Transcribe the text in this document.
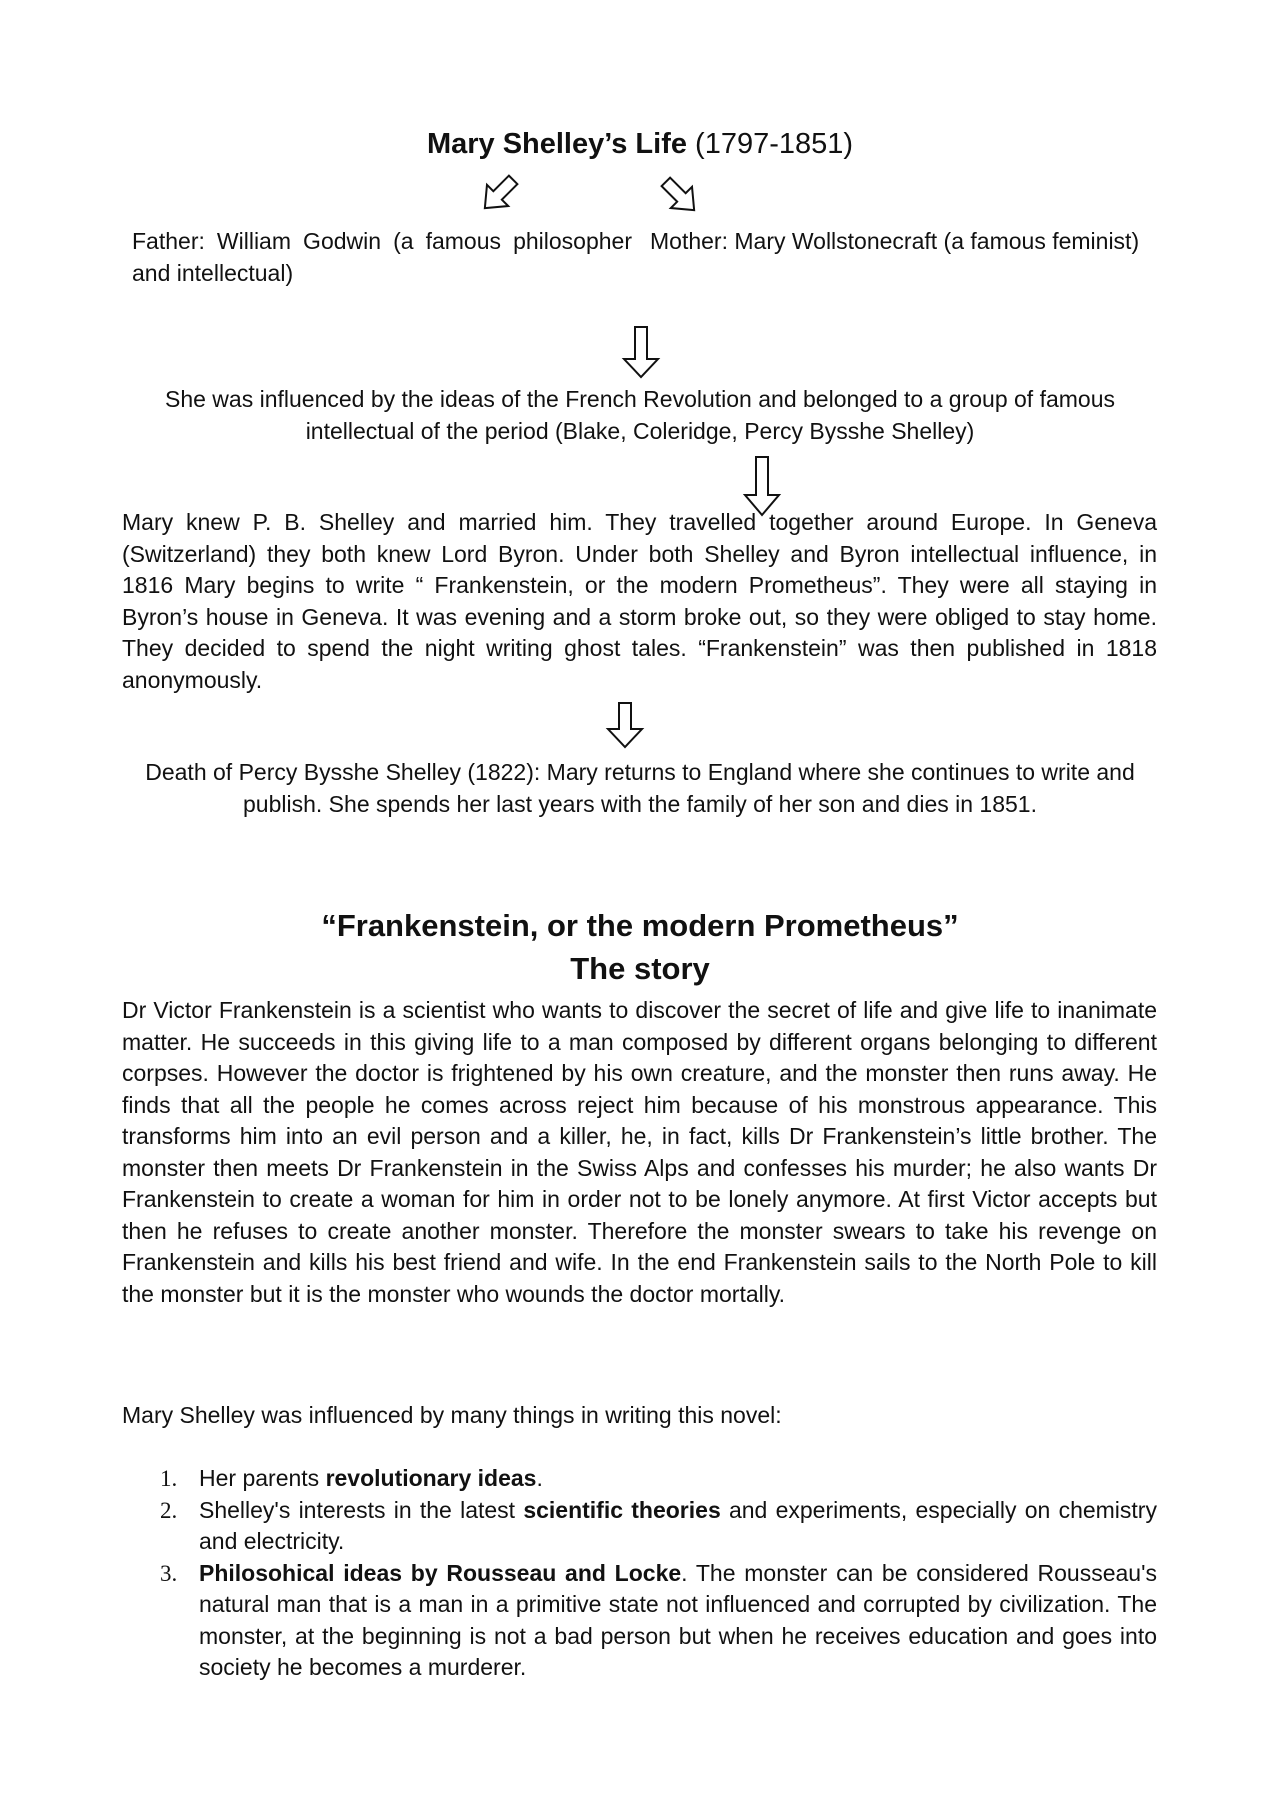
Mary Shelley’s Life (1797-1851)
Father: William Godwin (a famous philosopher and intellectual)
Mother: Mary Wollstonecraft (a famous feminist)
She was influenced by the ideas of the French Revolution and belonged to a group of famous intellectual of the period (Blake, Coleridge, Percy Bysshe Shelley)
Mary knew P. B. Shelley and married him. They travelled together around Europe. In Geneva (Switzerland) they both knew Lord Byron. Under both Shelley and Byron intellectual influence, in 1816 Mary begins to write “ Frankenstein, or the modern Prometheus”. They were all staying in Byron’s house in Geneva. It was evening and a storm broke out, so they were obliged to stay home. They decided to spend the night writing ghost tales. “Frankenstein” was then published in 1818 anonymously.
Death of Percy Bysshe Shelley (1822): Mary returns to England where she continues to write and publish. She spends her last years with the family of her son and dies in 1851.
“Frankenstein, or the modern Prometheus”
The story
Dr Victor Frankenstein is a scientist who wants to discover the secret of life and give life to inanimate matter. He succeeds in this giving life to a man composed by different organs belonging to different corpses. However the doctor is frightened by his own creature, and the monster then runs away. He finds that all the people he comes across reject him because of his monstrous appearance. This transforms him into an evil person and a killer, he, in fact, kills Dr Frankenstein’s little brother. The monster then meets Dr Frankenstein in the Swiss Alps and confesses his murder; he also wants Dr Frankenstein to create a woman for him in order not to be lonely anymore. At first Victor accepts but then he refuses to create another monster. Therefore the monster swears to take his revenge on Frankenstein and kills his best friend and wife. In the end Frankenstein sails to the North Pole to kill the monster but it is the monster who wounds the doctor mortally.
Mary Shelley was influenced by many things in writing this novel:
1. Her parents revolutionary ideas.
2. Shelley's interests in the latest scientific theories and experiments, especially on chemistry and electricity.
3. Philosohical ideas by Rousseau and Locke. The monster can be considered Rousseau's natural man that is a man in a primitive state not influenced and corrupted by civilization. The monster, at the beginning is not a bad person but when he receives education and goes into society he becomes a murderer.
